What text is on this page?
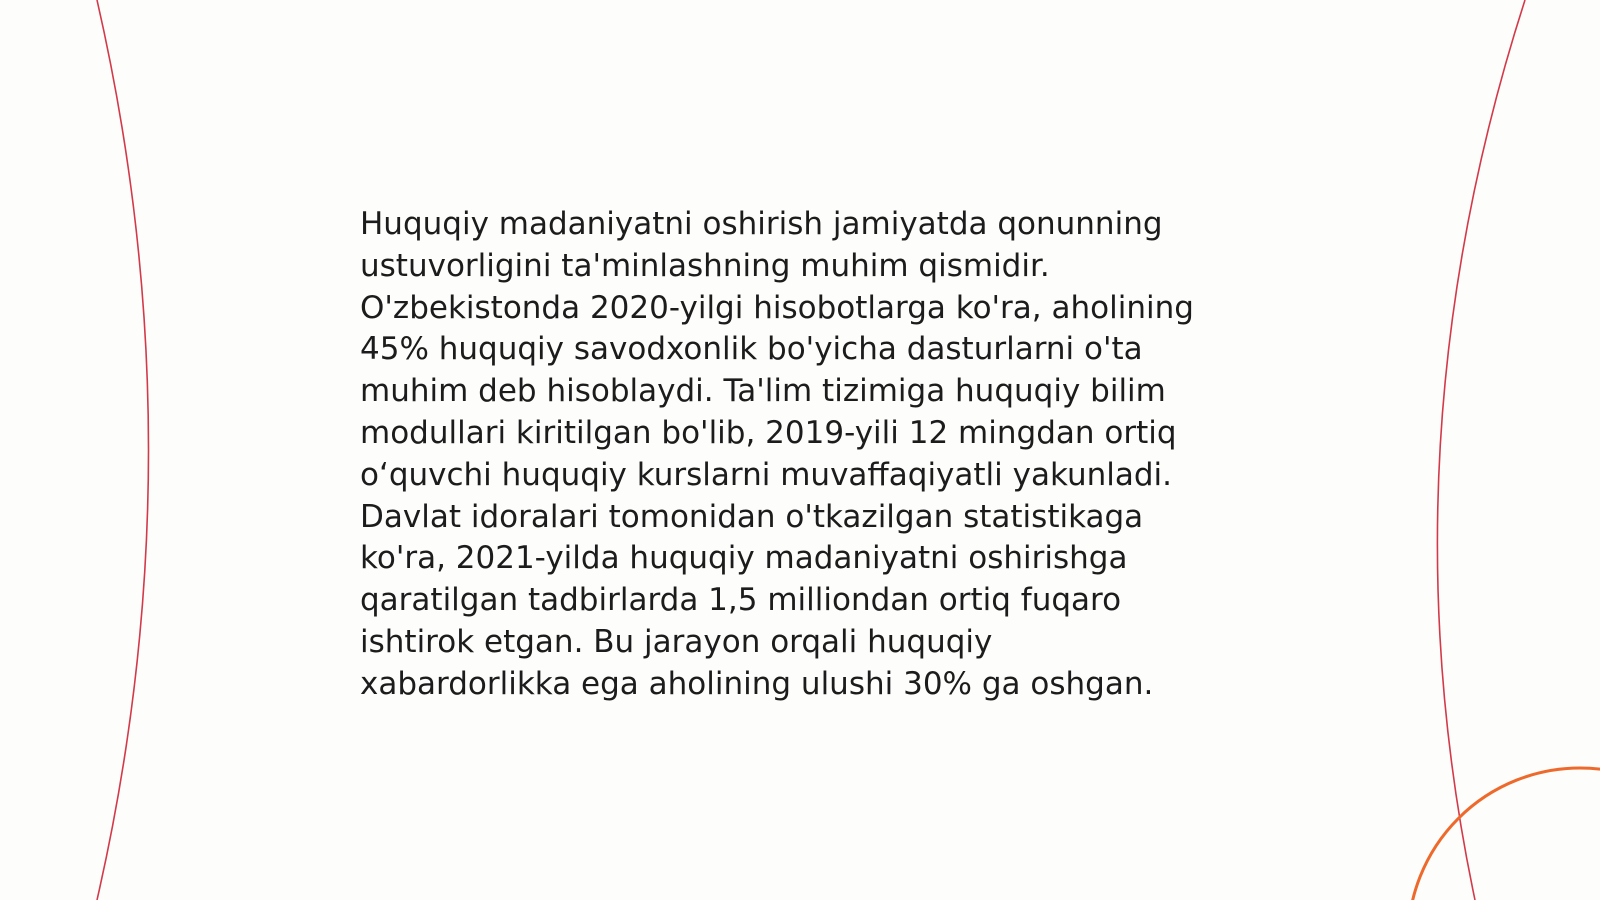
Huquqiy madaniyatni oshirish jamiyatda qonunning
ustuvorligini ta'minlashning muhim qismidir.
O'zbekistonda 2020-yilgi hisobotlarga ko'ra, aholining
45% huquqiy savodxonlik bo'yicha dasturlarni o'ta
muhim deb hisoblaydi. Ta'lim tizimiga huquqiy bilim
modullari kiritilgan bo'lib, 2019-yili 12 mingdan ortiq
o‘quvchi huquqiy kurslarni muvaffaqiyatli yakunladi.
Davlat idoralari tomonidan o'tkazilgan statistikaga
ko'ra, 2021-yilda huquqiy madaniyatni oshirishga
qaratilgan tadbirlarda 1,5 milliondan ortiq fuqaro
ishtirok etgan. Bu jarayon orqali huquqiy
xabardorlikka ega aholining ulushi 30% ga oshgan.
